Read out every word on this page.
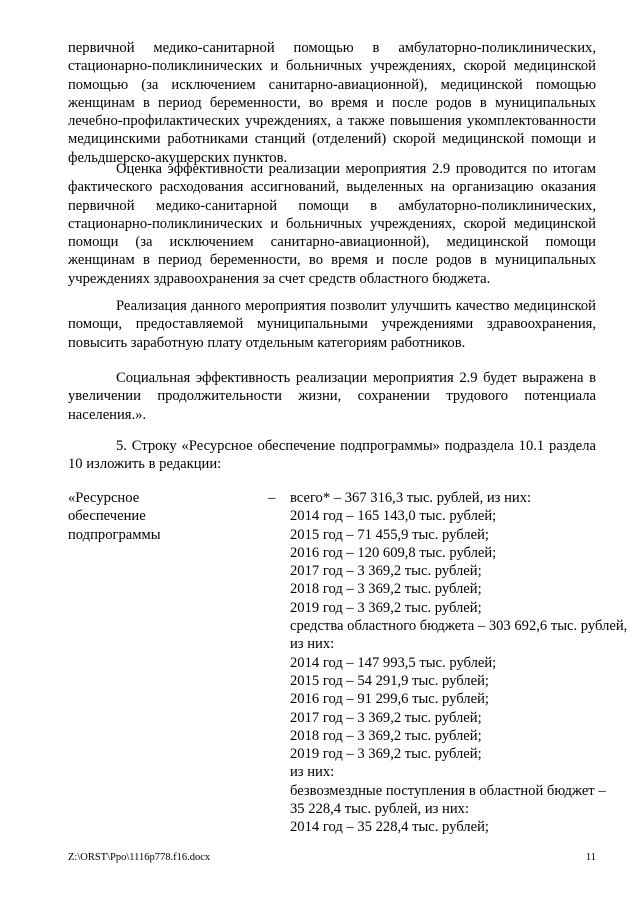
первичной медико-санитарной помощью в амбулаторно-поликлинических, стационарно-поликлинических и больничных учреждениях, скорой медицинской помощью (за исключением санитарно-авиационной), медицинской помощью женщинам в период беременности, во время и после родов в муниципальных лечебно-профилактических учреждениях, а также повышения укомплектованности медицинскими работниками станций (отделений) скорой медицинской помощи и фельдшерско-акушерских пунктов.

Оценка эффективности реализации мероприятия 2.9 проводится по итогам фактического расходования ассигнований, выделенных на организацию оказания первичной медико-санитарной помощи в амбулаторно-поликлинических, стационарно-поликлинических и больничных учреждениях, скорой медицинской помощи (за исключением санитарно-авиационной), медицинской помощи женщинам в период беременности, во время и после родов в муниципальных учреждениях здравоохранения за счет средств областного бюджета.

Реализация данного мероприятия позволит улучшить качество медицинской помощи, предоставляемой муниципальными учреждениями здравоохранения, повысить заработную плату отдельным категориям работников.

Социальная эффективность реализации мероприятия 2.9 будет выражена в увеличении продолжительности жизни, сохранении трудового потенциала населения.».

5. Строку «Ресурсное обеспечение подпрограммы» подраздела 10.1 раздела 10 изложить в редакции:

«Ресурсное
обеспечение
подпрограммы
– всего* – 367 316,3 тыс. рублей, из них:
2014 год – 165 143,0 тыс. рублей;
2015 год – 71 455,9 тыс. рублей;
2016 год – 120 609,8 тыс. рублей;
2017 год – 3 369,2 тыс. рублей;
2018 год – 3 369,2 тыс. рублей;
2019 год – 3 369,2 тыс. рублей;
средства областного бюджета – 303 692,6 тыс. рублей,
из них:
2014 год – 147 993,5 тыс. рублей;
2015 год – 54 291,9 тыс. рублей;
2016 год – 91 299,6 тыс. рублей;
2017 год – 3 369,2 тыс. рублей;
2018 год – 3 369,2 тыс. рублей;
2019 год – 3 369,2 тыс. рублей;
из них:
безвозмездные поступления в областной бюджет –
35 228,4 тыс. рублей, из них:
2014 год – 35 228,4 тыс. рублей;
Z:\ORST\Ppo\1116p778.f16.docx	11
